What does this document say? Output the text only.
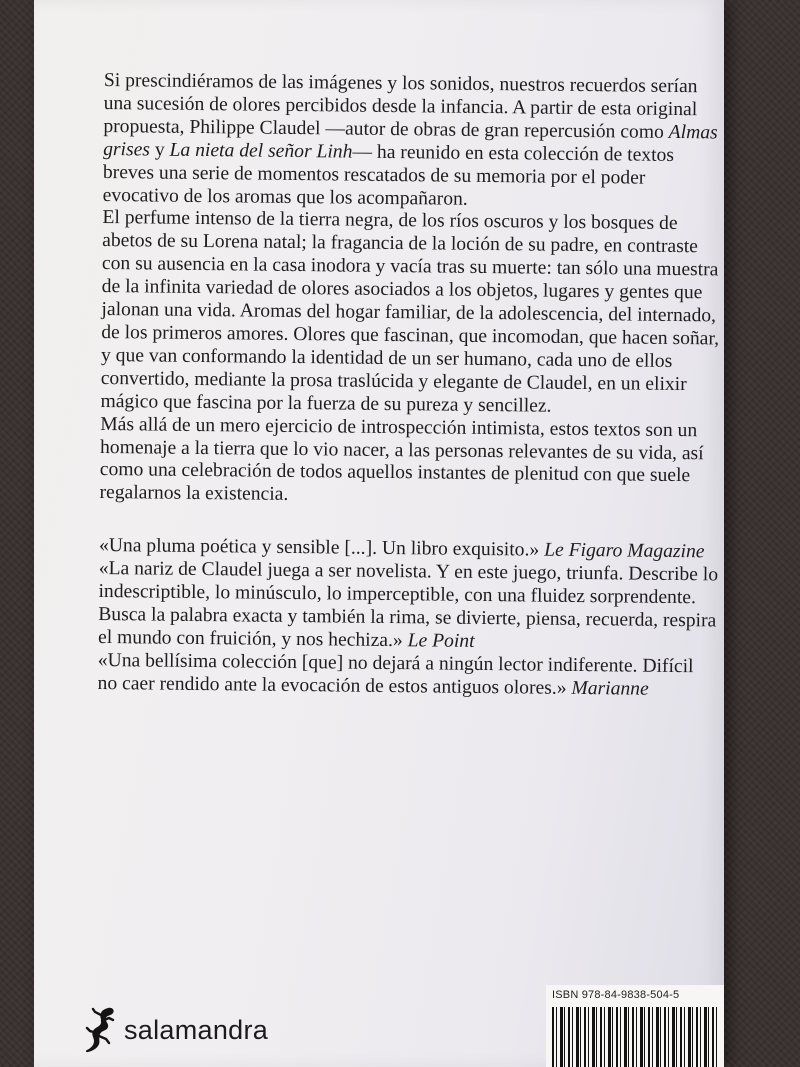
Si prescindiéramos de las imágenes y los sonidos, nuestros recuerdos serían una sucesión de olores percibidos desde la infancia. A partir de esta original propuesta, Philippe Claudel —autor de obras de gran repercusión como Almas grises y La nieta del señor Linh— ha reunido en esta colección de textos breves una serie de momentos rescatados de su memoria por el poder evocativo de los aromas que los acompañaron.

El perfume intenso de la tierra negra, de los ríos oscuros y los bosques de abetos de su Lorena natal; la fragancia de la loción de su padre, en contraste con su ausencia en la casa inodora y vacía tras su muerte: tan sólo una muestra de la infinita variedad de olores asociados a los objetos, lugares y gentes que jalonan una vida. Aromas del hogar familiar, de la adolescencia, del internado, de los primeros amores. Olores que fascinan, que incomodan, que hacen soñar, y que van conformando la identidad de un ser humano, cada uno de ellos convertido, mediante la prosa traslúcida y elegante de Claudel, en un elixir mágico que fascina por la fuerza de su pureza y sencillez.

Más allá de un mero ejercicio de introspección intimista, estos textos son un homenaje a la tierra que lo vio nacer, a las personas relevantes de su vida, así como una celebración de todos aquellos instantes de plenitud con que suele regalarnos la existencia.

«Una pluma poética y sensible [...]. Un libro exquisito.» Le Figaro Magazine

«La nariz de Claudel juega a ser novelista. Y en este juego, triunfa. Describe lo indescriptible, lo minúsculo, lo imperceptible, con una fluidez sorprendente. Busca la palabra exacta y también la rima, se divierte, piensa, recuerda, respira el mundo con fruición, y nos hechiza.» Le Point

«Una bellísima colección [que] no dejará a ningún lector indiferente. Difícil no caer rendido ante la evocación de estos antiguos olores.» Marianne

salamandra
ISBN 978-84-9838-504-5
